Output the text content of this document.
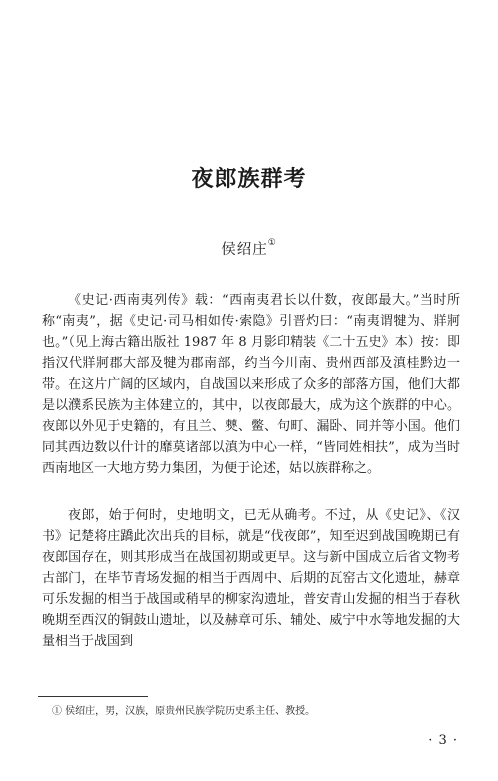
夜郎族群考
侯绍庄①

《史记·西南夷列传》载：“西南夷君长以什数，夜郎最大。”当时所称“南夷”，据《史记·司马相如传·索隐》引晋灼曰：“南夷谓犍为、牂牁也。”（见上海古籍出版社 1987 年 8 月影印精装《二十五史》本）按：即指汉代牂牁郡大部及犍为郡南部，约当今川南、贵州西部及滇桂黔边一带。在这片广阔的区域内，自战国以来形成了众多的部落方国，他们大都是以濮系民族为主体建立的，其中，以夜郎最大，成为这个族群的中心。夜郎以外见于史籍的，有且兰、僰、鳖、句町、漏卧、同并等小国。他们同其西边数以什计的靡莫诸部以滇为中心一样，“皆同姓相扶”，成为当时西南地区一大地方势力集团，为便于论述，姑以族群称之。

夜郎，始于何时，史地明文，已无从确考。不过，从《史记》、《汉书》记楚将庄蹻此次出兵的目标，就是“伐夜郎”，知至迟到战国晚期已有夜郎国存在，则其形成当在战国初期或更早。这与新中国成立后省文物考古部门，在毕节青场发掘的相当于西周中、后期的瓦窑古文化遗址，赫章可乐发掘的相当于战国或稍早的柳家沟遗址，普安青山发掘的相当于春秋晚期至西汉的铜鼓山遗址，以及赫章可乐、辅处、威宁中水等地发掘的大量相当于战国到

① 侯绍庄，男，汉族，原贵州民族学院历史系主任、教授。
· 3 ·
